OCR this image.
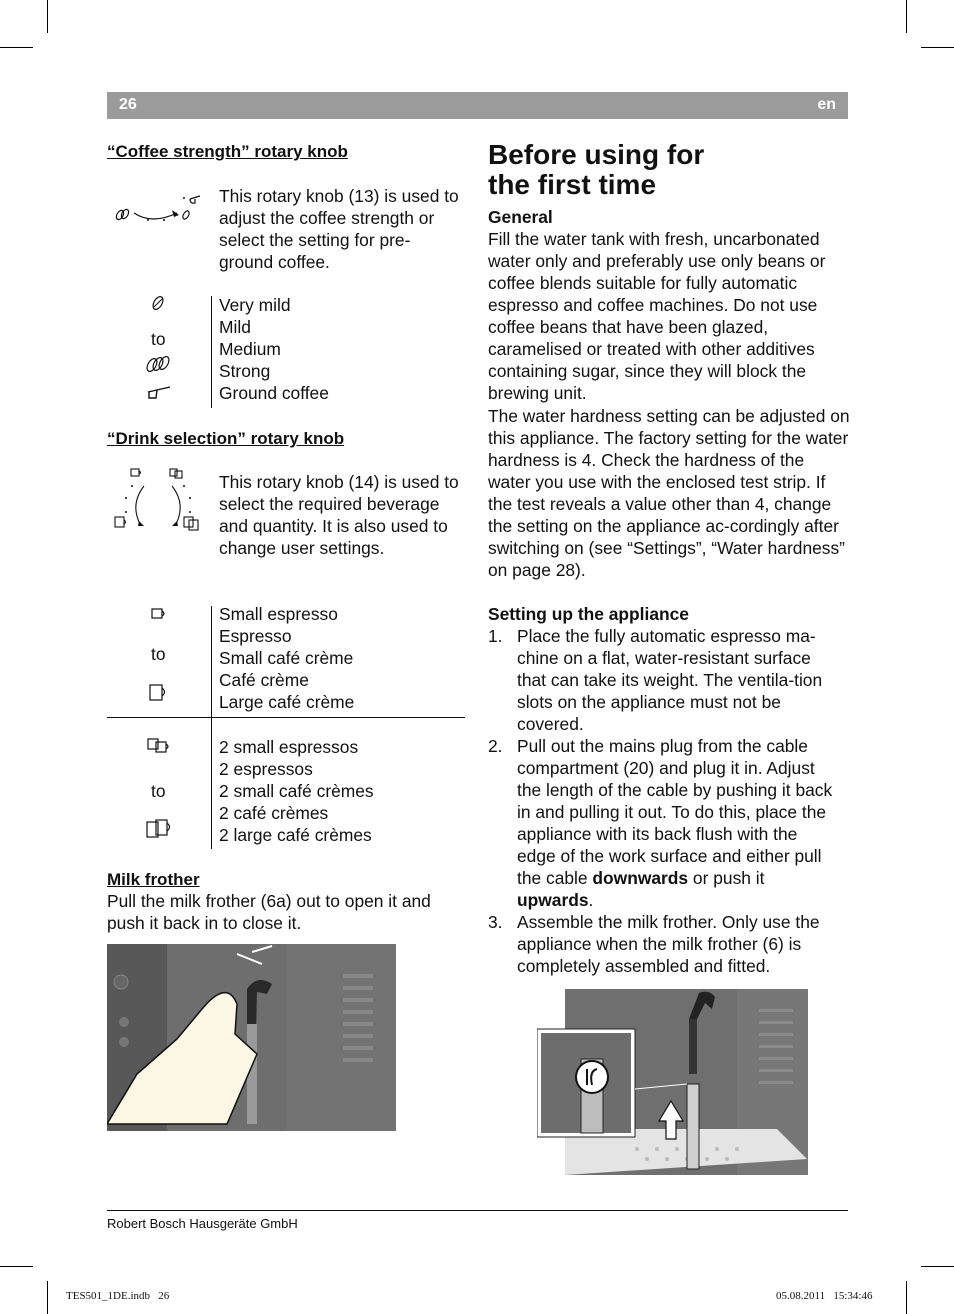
26	en
“Coffee strength” rotary knob
This rotary knob (13) is used to adjust the coffee strength or select the setting for pre-ground coffee.
to
Very mild
Mild
Medium
Strong
Ground coffee
“Drink selection” rotary knob
This rotary knob (14) is used to select the required beverage and quantity. It is also used to change user settings.
to
Small espresso
Espresso
Small café crème
Café crème
Large café crème
to
2 small espressos
2 espressos
2 small café crèmes
2 café crèmes
2 large café crèmes
Milk frother
Pull the milk frother (6a) out to open it and push it back in to close it.
Before using for
the first time
General
Fill the water tank with fresh, uncarbonated water only and preferably use only beans or coffee blends suitable for fully automatic espresso and coffee machines. Do not use coffee beans that have been glazed, caramelised or treated with other additives containing sugar, since they will block the brewing unit.
The water hardness setting can be adjusted on this appliance. The factory setting for the water hardness is 4. Check the hardness of the water you use with the enclosed test strip. If the test reveals a value other than 4, change the setting on the appliance ac-cordingly after switching on (see “Settings”, “Water hardness” on page 28).
Setting up the appliance
1. Place the fully automatic espresso ma-chine on a flat, water-resistant surface that can take its weight. The ventila-tion slots on the appliance must not be covered.
2. Pull out the mains plug from the cable compartment (20) and plug it in. Adjust the length of the cable by pushing it back in and pulling it out. To do this, place the appliance with its back flush with the edge of the work surface and either pull the cable downwards or push it upwards.
3. Assemble the milk frother. Only use the appliance when the milk frother (6) is completely assembled and fitted.
Robert Bosch Hausgeräte GmbH
TES501_1DE.indb   26	05.08.2011   15:34:46
